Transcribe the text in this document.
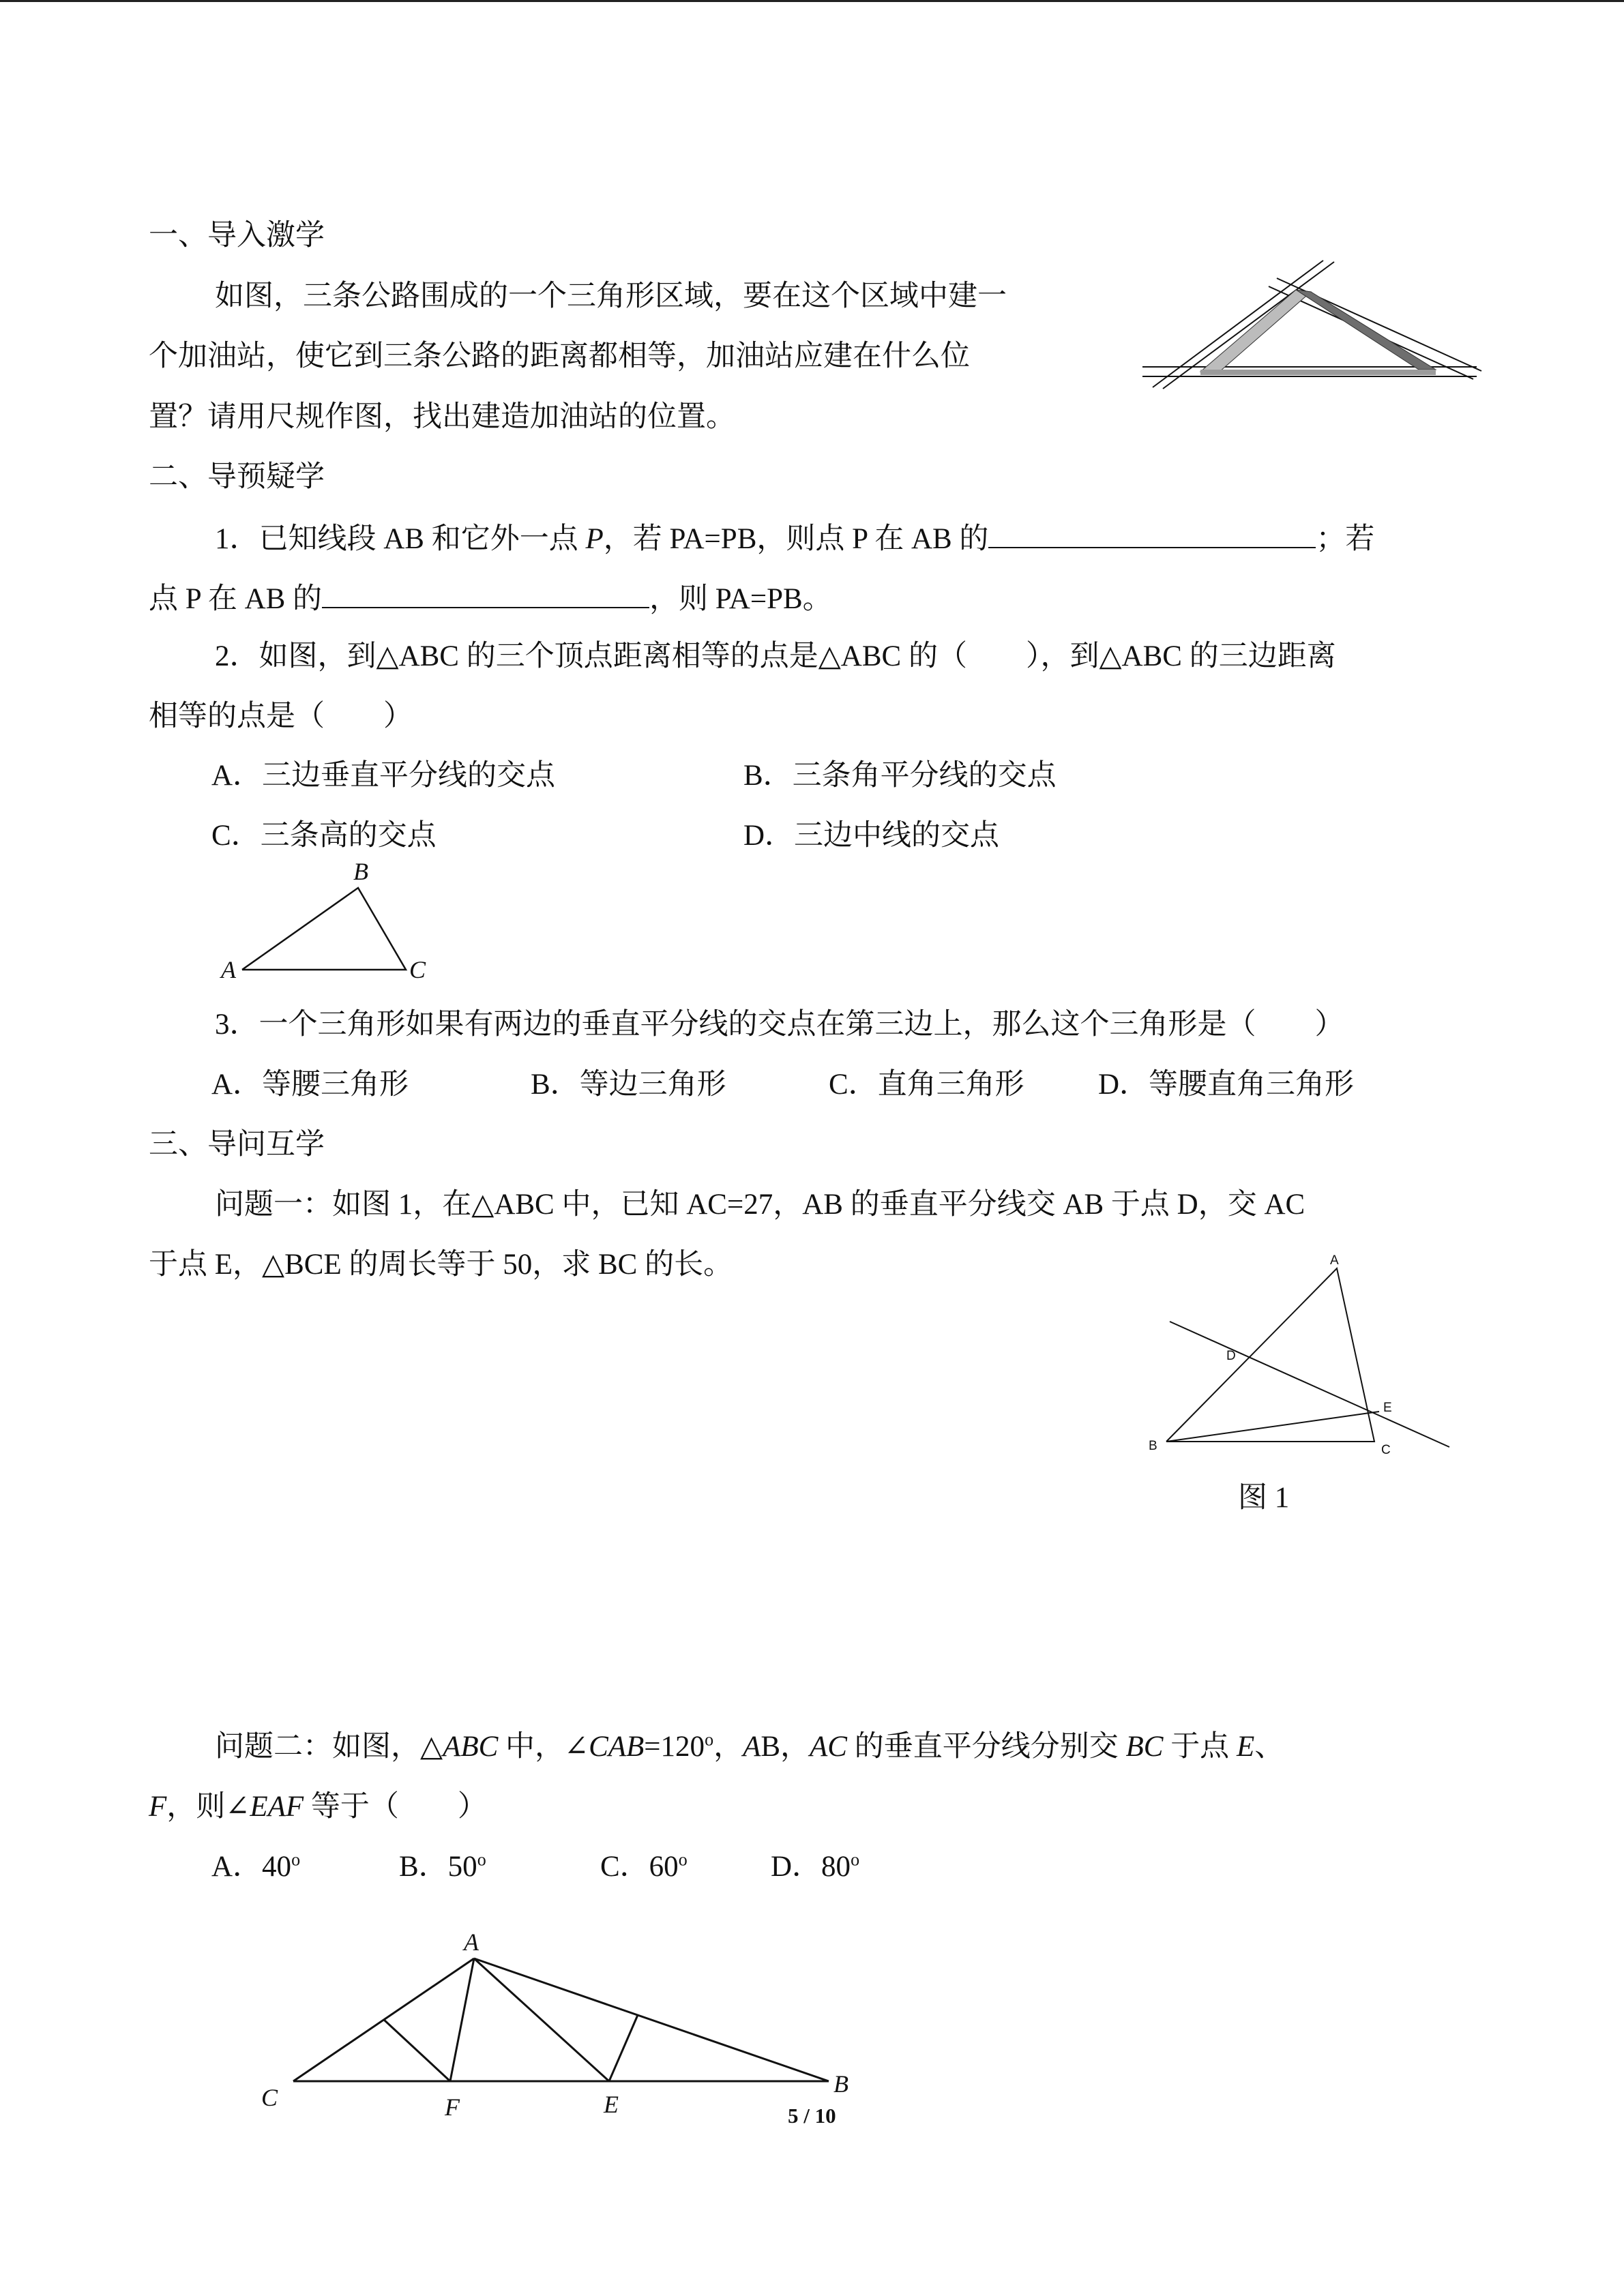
一、导入激学
如图，三条公路围成的一个三角形区域，要在这个区域中建一
个加油站，使它到三条公路的距离都相等，加油站应建在什么位
置？请用尺规作图，找出建造加油站的位置。
二、导预疑学
1．已知线段 AB 和它外一点 P，若 PA=PB，则点 P 在 AB 的	；若
点 P 在 AB 的	，则 PA=PB。
2．如图，到△ABC 的三个顶点距离相等的点是△ABC 的（　　），到△ABC 的三边距离
相等的点是（　　）
A．三边垂直平分线的交点	B．三条角平分线的交点
C．三条高的交点	D．三边中线的交点
A
B
C
3．一个三角形如果有两边的垂直平分线的交点在第三边上，那么这个三角形是（　　）
A．等腰三角形	B．等边三角形	C．直角三角形	D．等腰直角三角形
三、导问互学
问题一：如图 1，在△ABC 中，已知 AC=27，AB 的垂直平分线交 AB 于点 D，交 AC
于点 E，△BCE 的周长等于 50，求 BC 的长。	A
D
E
B	C
图 1
问题二：如图，△ABC 中，$\angle CAB=120^o$，AB，AC 的垂直平分线分别交 BC 于点 E、
F，则∠EAF 等于（　　）
A．40$^o$	B．50$^o$	C．60$^o$	D．80$^o$
A
C	F	E
B
5 / 10
